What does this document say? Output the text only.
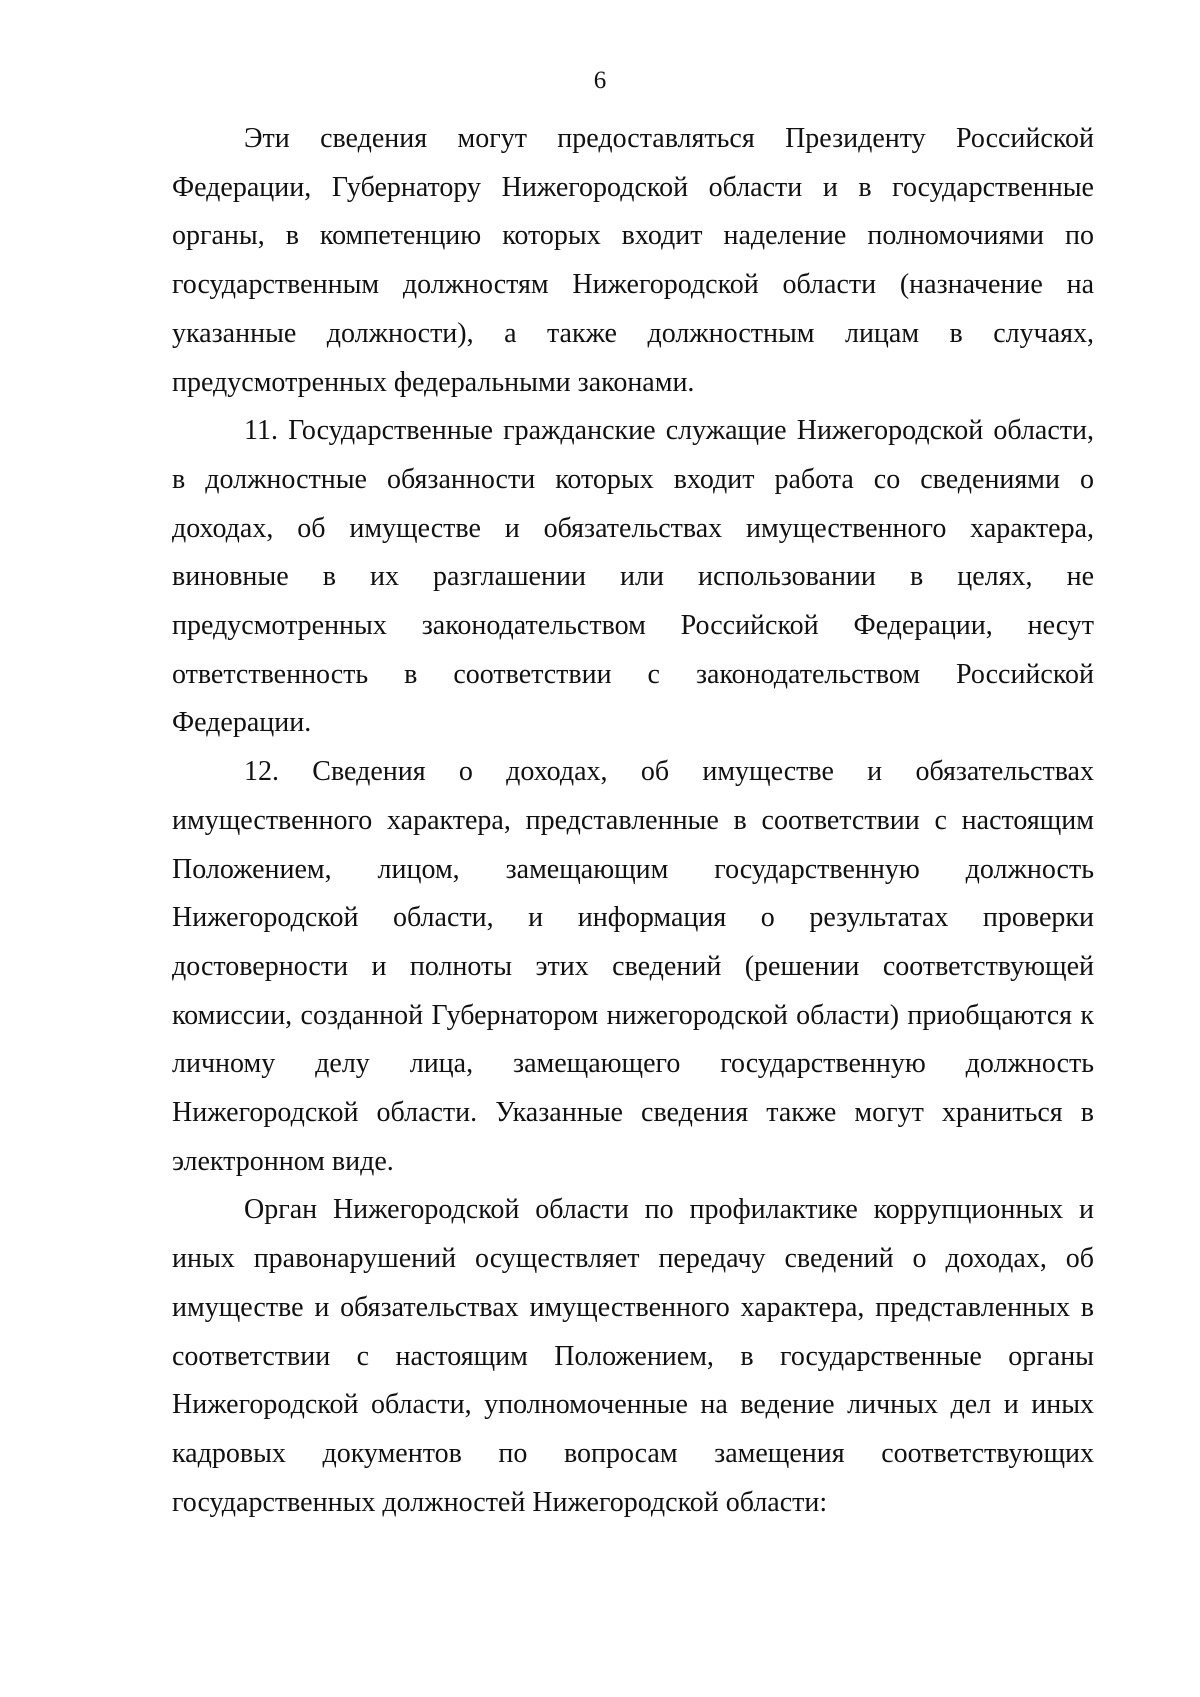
6

Эти сведения могут предоставляться Президенту Российской Федерации, Губернатору Нижегородской области и в государственные органы, в компетенцию которых входит наделение полномочиями по государственным должностям Нижегородской области (назначение на указанные должности), а также должностным лицам в случаях, предусмотренных федеральными законами.

11. Государственные гражданские служащие Нижегородской области, в должностные обязанности которых входит работа со сведениями о доходах, об имуществе и обязательствах имущественного характера, виновные в их разглашении или использовании в целях, не предусмотренных законодательством Российской Федерации, несут ответственность в соответствии с законодательством Российской Федерации.

12. Сведения о доходах, об имуществе и обязательствах имущественного характера, представленные в соответствии с настоящим Положением, лицом, замещающим государственную должность Нижегородской области, и информация о результатах проверки достоверности и полноты этих сведений (решении соответствующей комиссии, созданной Губернатором нижегородской области) приобщаются к личному делу лица, замещающего государственную должность Нижегородской области. Указанные сведения также могут храниться в электронном виде.

Орган Нижегородской области по профилактике коррупционных и иных правонарушений осуществляет передачу сведений о доходах, об имуществе и обязательствах имущественного характера, представленных в соответствии с настоящим Положением, в государственные органы Нижегородской области, уполномоченные на ведение личных дел и иных кадровых документов по вопросам замещения соответствующих государственных должностей Нижегородской области:
